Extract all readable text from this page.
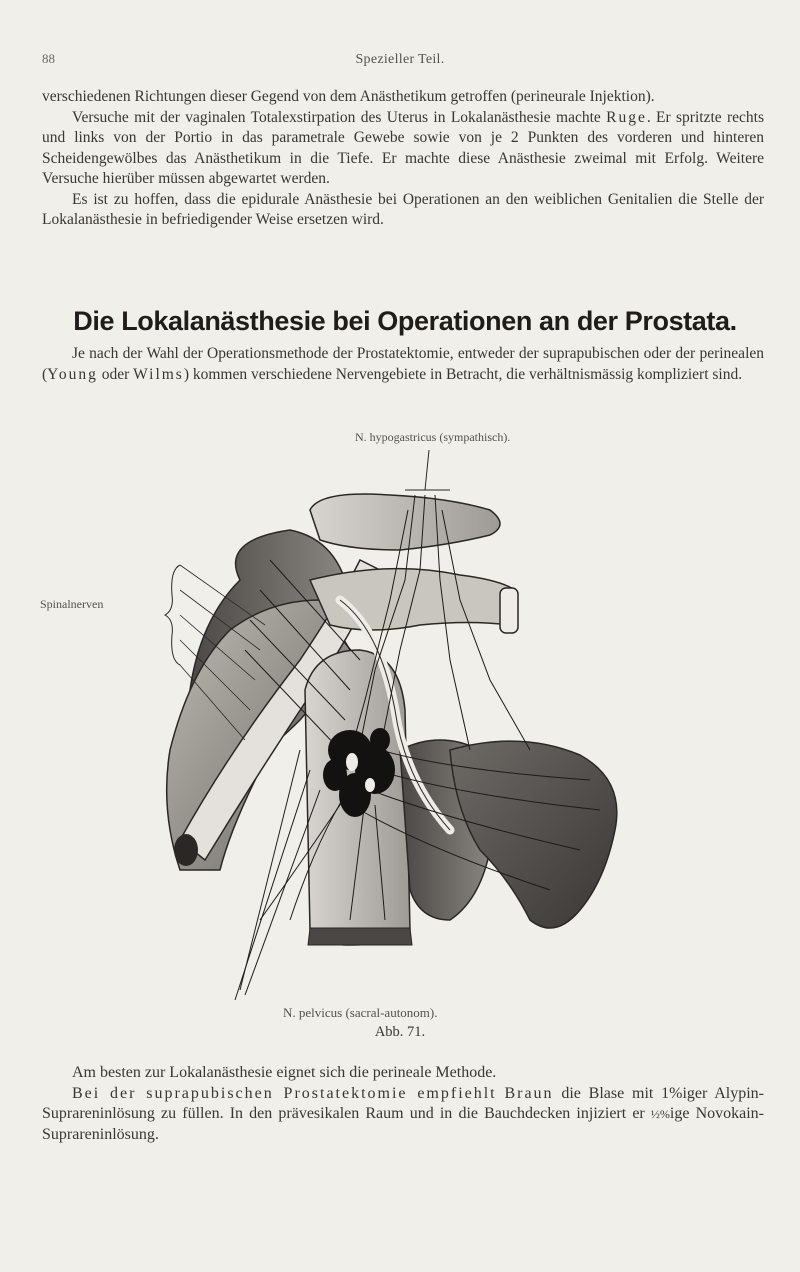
88	Spezieller Teil.

verschiedenen Richtungen dieser Gegend von dem Anästhetikum getroffen (perineurale Injektion).

Versuche mit der vaginalen Totalexstirpation des Uterus in Lokalanästhesie machte Ruge. Er spritzte rechts und links von der Portio in das parametrale Gewebe sowie von je 2 Punkten des vorderen und hinteren Scheidengewölbes das Anästhetikum in die Tiefe. Er machte diese Anästhesie zweimal mit Erfolg. Weitere Versuche hierüber müssen abgewartet werden.

Es ist zu hoffen, dass die epidurale Anästhesie bei Operationen an den weiblichen Genitalien die Stelle der Lokalanästhesie in befriedigender Weise ersetzen wird.

Die Lokalanästhesie bei Operationen an der Prostata.

Je nach der Wahl der Operationsmethode der Prostatektomie, entweder der suprapubischen oder der perinealen (Young oder Wilms) kommen verschiedene Nervengebiete in Betracht, die verhältnismässig kompliziert sind.

N. hypogastricus (sympathisch).
Spinalnerven
N. pelvicus (sacral-autonom).
Abb. 71.

Am besten zur Lokalanästhesie eignet sich die perineale Methode.

Bei der suprapubischen Prostatektomie empfiehlt Braun die Blase mit 1%iger Alypin-Suprareninlösung zu füllen. In den prävesikalen Raum und in die Bauchdecken injiziert er ½%ige Novokain-Suprareninlösung.
